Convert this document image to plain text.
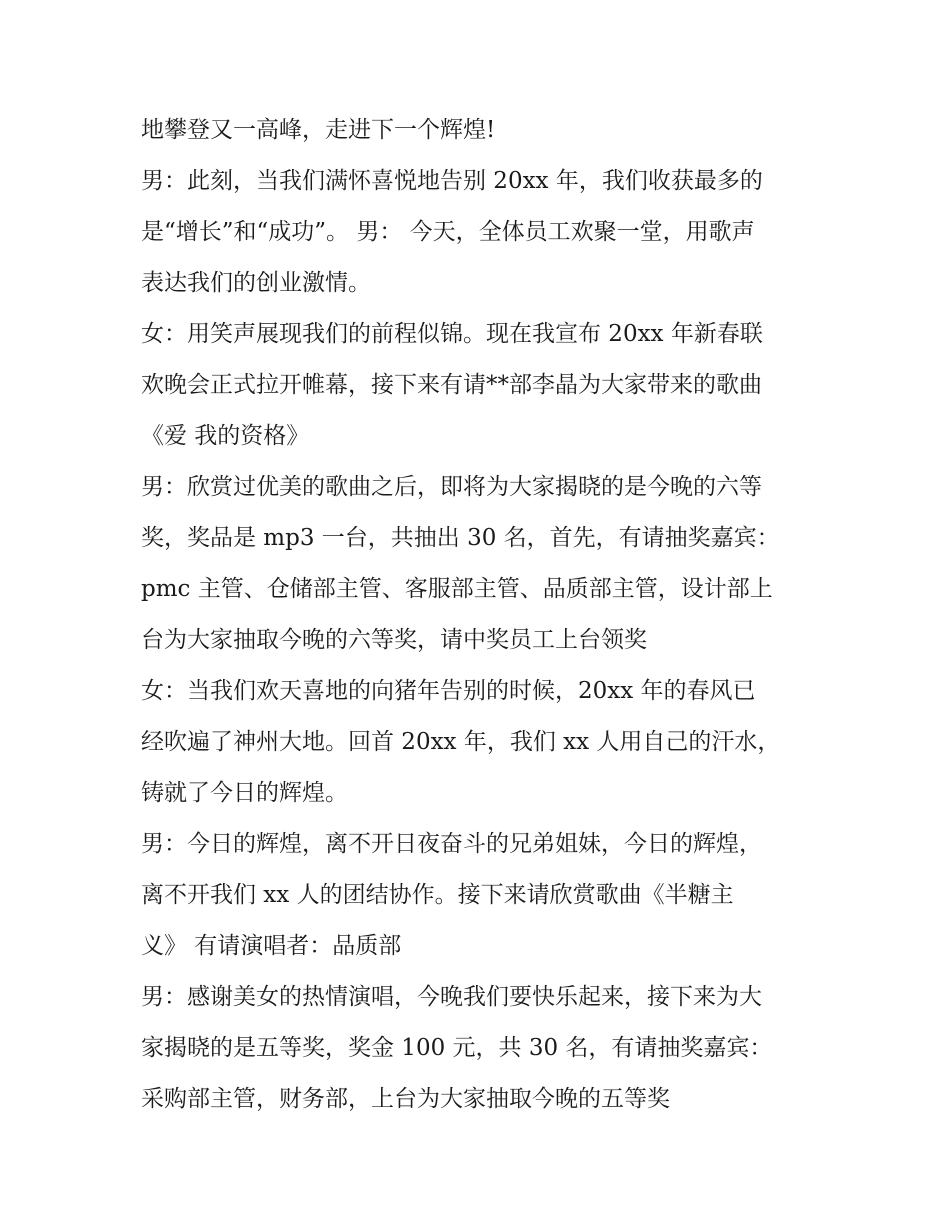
地攀登又一高峰，走进下一个辉煌!
男：此刻，当我们满怀喜悦地告别 20xx 年，我们收获最多的
是“增长”和“成功”。 男： 今天，全体员工欢聚一堂，用歌声
表达我们的创业激情。
女：用笑声展现我们的前程似锦。现在我宣布 20xx 年新春联
欢晚会正式拉开帷幕，接下来有请**部李晶为大家带来的歌曲
《爱 我的资格》
男：欣赏过优美的歌曲之后，即将为大家揭晓的是今晚的六等
奖，奖品是 mp3 一台，共抽出 30 名，首先，有请抽奖嘉宾：
pmc 主管、仓储部主管、客服部主管、品质部主管，设计部上
台为大家抽取今晚的六等奖，请中奖员工上台领奖
女：当我们欢天喜地的向猪年告别的时候，20xx 年的春风已
经吹遍了神州大地。回首 20xx 年，我们 xx 人用自己的汗水，
铸就了今日的辉煌。
男：今日的辉煌，离不开日夜奋斗的兄弟姐妹，今日的辉煌，
离不开我们 xx 人的团结协作。接下来请欣赏歌曲《半糖主
义》 有请演唱者：品质部
男：感谢美女的热情演唱，今晚我们要快乐起来，接下来为大
家揭晓的是五等奖，奖金 100 元，共 30 名，有请抽奖嘉宾：
采购部主管，财务部，上台为大家抽取今晚的五等奖
